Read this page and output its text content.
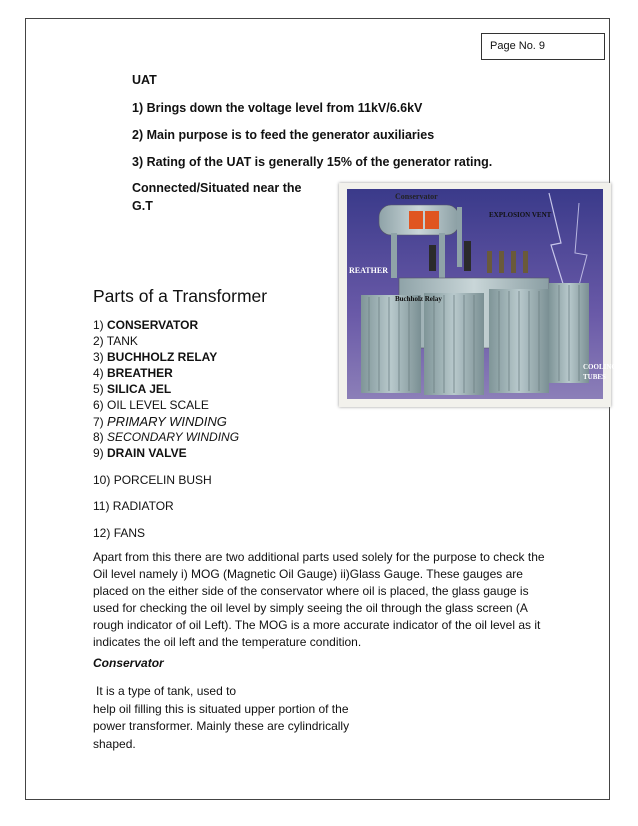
Page No. 9
UAT
1) Brings down the voltage level from 11kV/6.6kV
2) Main purpose is to feed the generator auxiliaries
3) Rating of the UAT is generally 15% of the generator rating.
Connected/Situated near the
G.T
Conservator
EXPLOSION VENT
REATHER
Buchholz Relay
COOLING
TUBES
Parts of a Transformer
1) CONSERVATOR
2) TANK
3) BUCHHOLZ RELAY
4) BREATHER
5) SILICA JEL
6) OIL LEVEL SCALE
7) PRIMARY WINDING
8) SECONDARY WINDING
9) DRAIN VALVE
10) PORCELIN BUSH
11) RADIATOR
12) FANS
Apart from this there are two additional parts used solely for the purpose to check the Oil level namely i) MOG (Magnetic Oil Gauge) ii)Glass Gauge. These gauges are placed on the either side of the conservator where oil is placed, the glass gauge is used for checking the oil level by simply seeing the oil through the glass screen (A rough indicator of oil Left). The MOG is a more accurate indicator of the oil level as it indicates the oil left and the temperature condition.
Conservator
It is a type of tank, used to
help oil filling this is situated upper portion of the power transformer. Mainly these are cylindrically shaped.
